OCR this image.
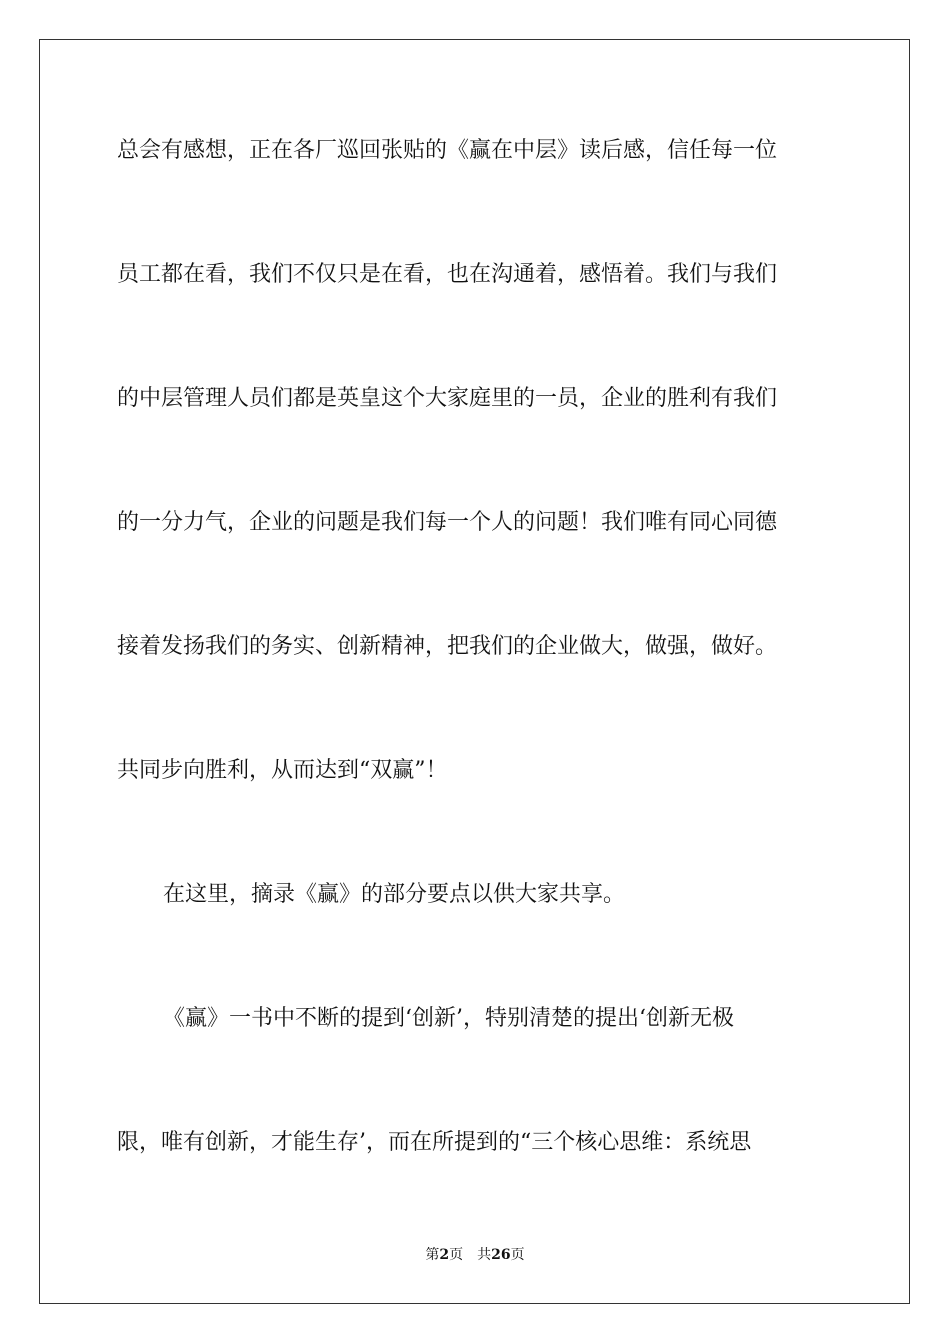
总会有感想，正在各厂巡回张贴的《赢在中层》读后感，信任每一位
员工都在看，我们不仅只是在看，也在沟通着，感悟着。我们与我们
的中层管理人员们都是英皇这个大家庭里的一员，企业的胜利有我们
的一分力气，企业的问题是我们每一个人的问题！我们唯有同心同德
接着发扬我们的务实、创新精神，把我们的企业做大，做强，做好。
共同步向胜利，从而达到“双赢”！
在这里，摘录《赢》的部分要点以供大家共享。
《赢》一书中不断的提到‘创新’，特别清楚的提出‘创新无极
限，唯有创新，才能生存’，而在所提到的“三个核心思维：系统思
第2页 共26页
